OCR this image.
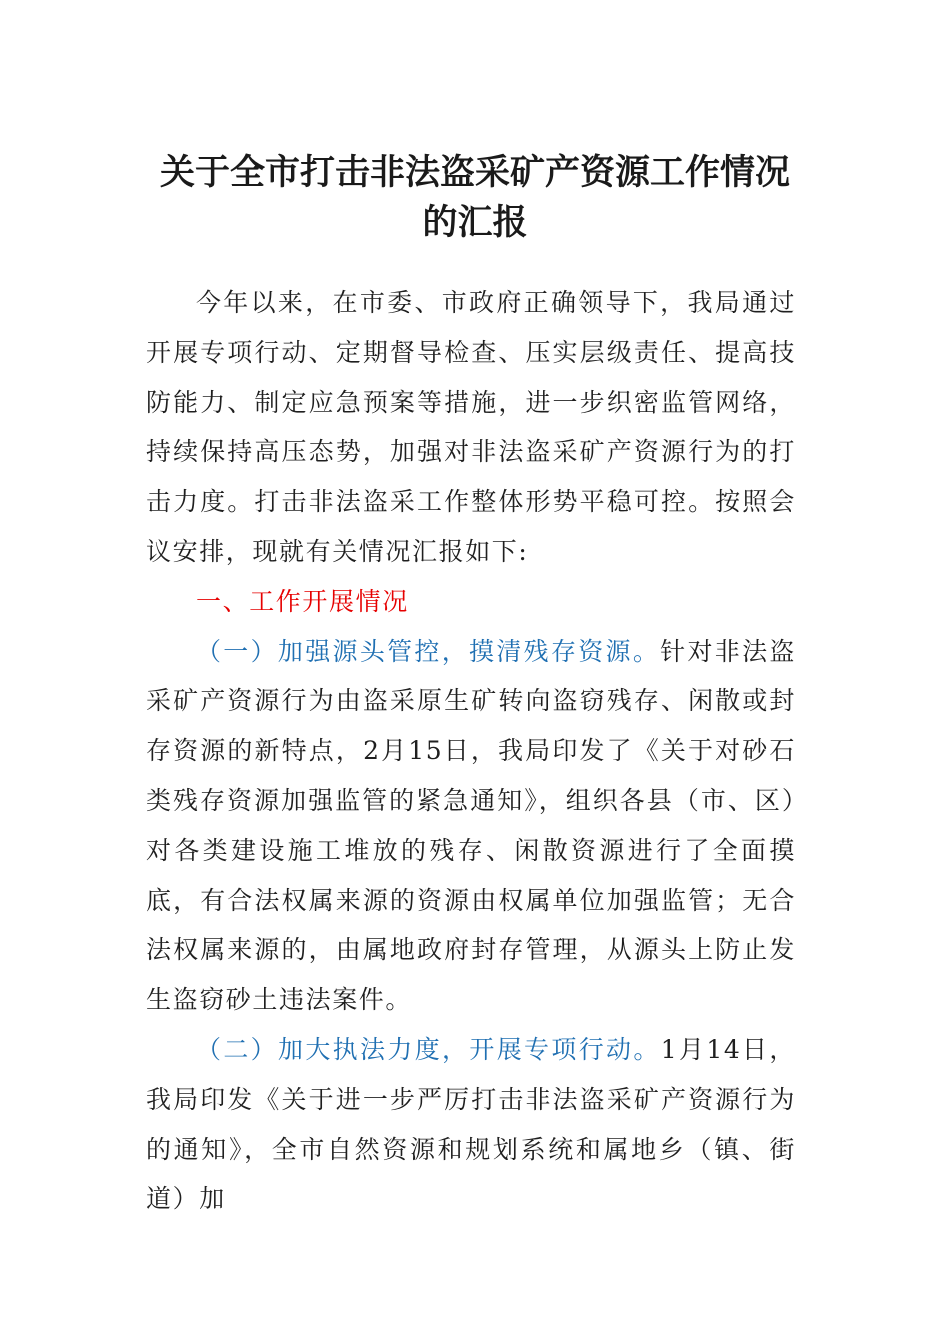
关于全市打击非法盗采矿产资源工作情况
的汇报

今年以来，在市委、市政府正确领导下，我局通过开展专项行动、定期督导检查、压实层级责任、提高技防能力、制定应急预案等措施，进一步织密监管网络，持续保持高压态势，加强对非法盗采矿产资源行为的打击力度。打击非法盗采工作整体形势平稳可控。按照会议安排，现就有关情况汇报如下:

一、工作开展情况

（一）加强源头管控，摸清残存资源。针对非法盗采矿产资源行为由盗采原生矿转向盗窃残存、闲散或封存资源的新特点，2月15日，我局印发了《关于对砂石类残存资源加强监管的紧急通知》，组织各县（市、区）对各类建设施工堆放的残存、闲散资源进行了全面摸底，有合法权属来源的资源由权属单位加强监管；无合法权属来源的，由属地政府封存管理，从源头上防止发生盗窃砂土违法案件。

（二）加大执法力度，开展专项行动。1月14日，我局印发《关于进一步严厉打击非法盗采矿产资源行为的通知》，全市自然资源和规划系统和属地乡（镇、街道）加
